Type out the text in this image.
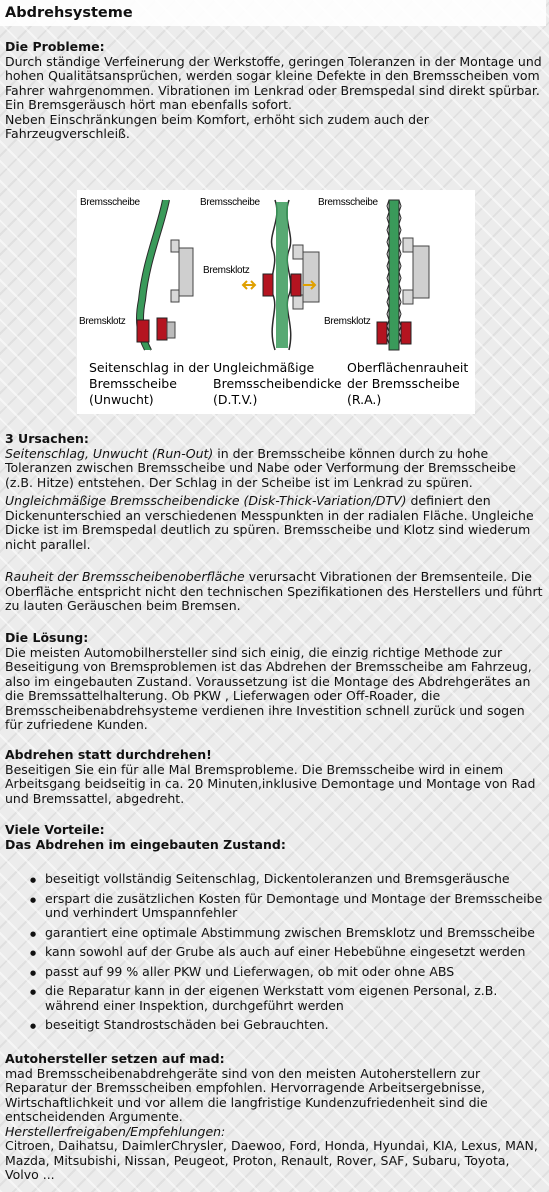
Abdrehsysteme
Die Probleme:

Durch ständige Verfeinerung der Werkstoffe, geringen Toleranzen in der Montage und hohen Qualitätsansprüchen, werden sogar kleine Defekte in den Bremsscheiben vom Fahrer wahrgenommen. Vibrationen im Lenkrad oder Bremspedal sind direkt spürbar. Ein Bremsgeräusch hört man ebenfalls sofort.

Neben Einschränkungen beim Komfort, erhöht sich zudem auch der Fahrzeugverschleiß.

Bremsscheibe
Bremsklotz
Bremsscheibe
Bremsklotz
Bremsscheibe
Bremsklotz
Seitenschlag in der
Bremsscheibe
(Unwucht)
Ungleichmäßige
Bremsscheibendicke
(D.T.V.)
Oberflächenrauheit
der Bremsscheibe
(R.A.)
3 Ursachen:

Seitenschlag, Unwucht (Run-Out) in der Bremsscheibe können durch zu hohe Toleranzen zwischen Bremsscheibe und Nabe oder Verformung der Bremsscheibe (z.B. Hitze) entstehen. Der Schlag in der Scheibe ist im Lenkrad zu spüren.

Ungleichmäßige Bremsscheibendicke (Disk-Thick-Variation/DTV) definiert den Dickenunterschied an verschiedenen Messpunkten in der radialen Fläche. Ungleiche Dicke ist im Bremspedal deutlich zu spüren. Bremsscheibe und Klotz sind wiederum nicht parallel.

Rauheit der Bremsscheibenoberfläche verursacht Vibrationen der Bremsenteile. Die Oberfläche entspricht nicht den technischen Spezifikationen des Herstellers und führt zu lauten Geräuschen beim Bremsen.

Die Lösung:

Die meisten Automobilhersteller sind sich einig, die einzig richtige Methode zur Beseitigung von Bremsproblemen ist das Abdrehen der Bremsscheibe am Fahrzeug, also im eingebauten Zustand. Voraussetzung ist die Montage des Abdrehgerätes an die Bremssattelhalterung. Ob PKW , Lieferwagen oder Off-Roader, die Bremsscheibenabdrehsysteme verdienen ihre Investition schnell zurück und sogen für zufriedene Kunden.

Abdrehen statt durchdrehen!

Beseitigen Sie ein für alle Mal Bremsprobleme. Die Bremsscheibe wird in einem Arbeitsgang beidseitig in ca. 20 Minuten,inklusive Demontage und Montage von Rad und Bremssattel, abgedreht.

Viele Vorteile:
Das Abdrehen im eingebauten Zustand:
● beseitigt vollständig Seitenschlag, Dickentoleranzen und Bremsgeräusche
● erspart die zusätzlichen Kosten für Demontage und Montage der Bremsscheibe und verhindert Umspannfehler
● garantiert eine optimale Abstimmung zwischen Bremsklotz und Bremsscheibe
● kann sowohl auf der Grube als auch auf einer Hebebühne eingesetzt werden
● passt auf 99 % aller PKW und Lieferwagen, ob mit oder ohne ABS
● die Reparatur kann in der eigenen Werkstatt vom eigenen Personal, z.B. während einer Inspektion, durchgeführt werden
● beseitigt Standrostschäden bei Gebrauchten.
Autohersteller setzen auf mad:

mad Bremsscheibenabdrehgeräte sind von den meisten Autoherstellern zur Reparatur der Bremsscheiben empfohlen. Hervorragende Arbeitsergebnisse, Wirtschaftlichkeit und vor allem die langfristige Kundenzufriedenheit sind die entscheidenden Argumente.

Herstellerfreigaben/Empfehlungen:

Citroen, Daihatsu, DaimlerChrysler, Daewoo, Ford, Honda, Hyundai, KIA, Lexus, MAN, Mazda, Mitsubishi, Nissan, Peugeot, Proton, Renault, Rover, SAF, Subaru, Toyota, Volvo ...
